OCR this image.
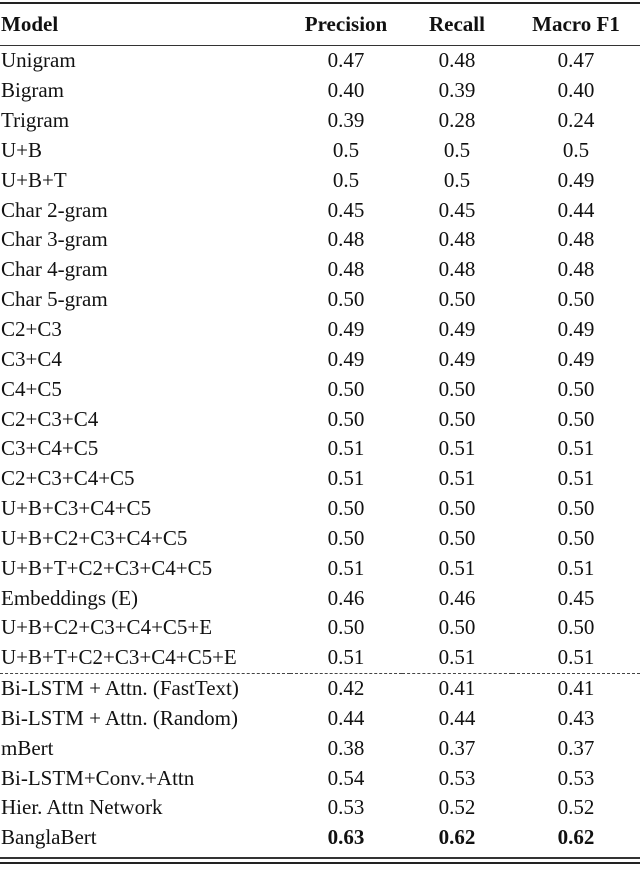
Model	Precision	Recall	Macro F1
Unigram	0.47	0.48	0.47
Bigram	0.40	0.39	0.40
Trigram	0.39	0.28	0.24
U+B	0.5	0.5	0.5
U+B+T	0.5	0.5	0.49
Char 2-gram	0.45	0.45	0.44
Char 3-gram	0.48	0.48	0.48
Char 4-gram	0.48	0.48	0.48
Char 5-gram	0.50	0.50	0.50
C2+C3	0.49	0.49	0.49
C3+C4	0.49	0.49	0.49
C4+C5	0.50	0.50	0.50
C2+C3+C4	0.50	0.50	0.50
C3+C4+C5	0.51	0.51	0.51
C2+C3+C4+C5	0.51	0.51	0.51
U+B+C3+C4+C5	0.50	0.50	0.50
U+B+C2+C3+C4+C5	0.50	0.50	0.50
U+B+T+C2+C3+C4+C5	0.51	0.51	0.51
Embeddings (E)	0.46	0.46	0.45
U+B+C2+C3+C4+C5+E	0.50	0.50	0.50
U+B+T+C2+C3+C4+C5+E	0.51	0.51	0.51
Bi-LSTM + Attn. (FastText)	0.42	0.41	0.41
Bi-LSTM + Attn. (Random)	0.44	0.44	0.43
mBert	0.38	0.37	0.37
Bi-LSTM+Conv.+Attn	0.54	0.53	0.53
Hier. Attn Network	0.53	0.52	0.52
BanglaBert	0.63	0.62	0.62
